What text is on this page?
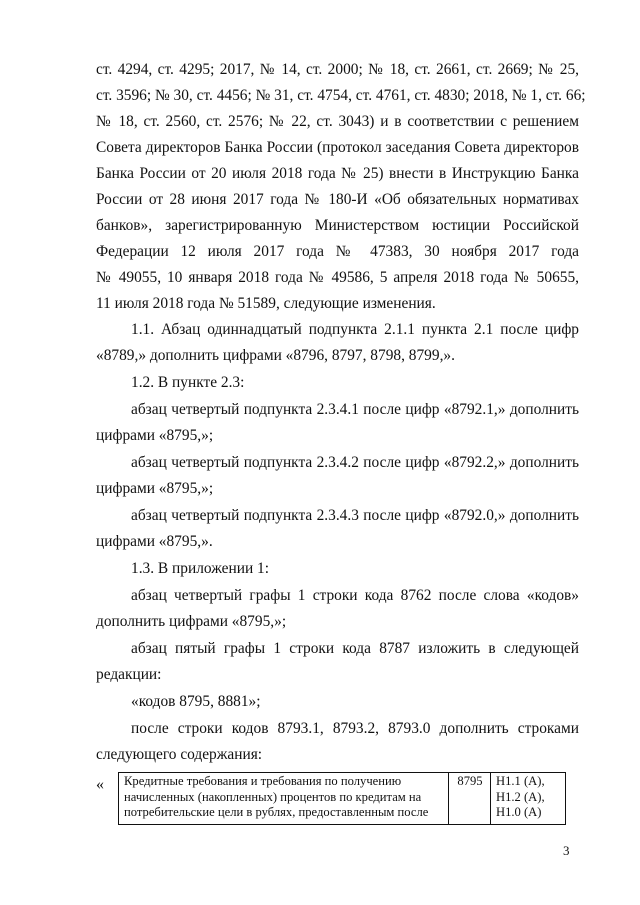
ст. 4294, ст. 4295; 2017, № 14, ст. 2000; № 18, ст. 2661, ст. 2669; № 25,
ст. 3596; № 30, ст. 4456; № 31, ст. 4754, ст. 4761, ст. 4830; 2018, № 1, ст. 66;
№ 18, ст. 2560, ст. 2576; № 22, ст. 3043) и в соответствии с решением
Совета директоров Банка России (протокол заседания Совета директоров
Банка России от 20 июля 2018 года № 25) внести в Инструкцию Банка
России от 28 июня 2017 года № 180-И «Об обязательных нормативах
банков», зарегистрированную Министерством юстиции Российской
Федерации 12 июля 2017 года № 47383, 30 ноября 2017 года
№ 49055, 10 января 2018 года № 49586, 5 апреля 2018 года № 50655,
11 июля 2018 года № 51589, следующие изменения.
1.1. Абзац одиннадцатый подпункта 2.1.1 пункта 2.1 после цифр
«8789,» дополнить цифрами «8796, 8797, 8798, 8799,».
1.2. В пункте 2.3:
абзац четвертый подпункта 2.3.4.1 после цифр «8792.1,» дополнить
цифрами «8795,»;
абзац четвертый подпункта 2.3.4.2 после цифр «8792.2,» дополнить
цифрами «8795,»;
абзац четвертый подпункта 2.3.4.3 после цифр «8792.0,» дополнить
цифрами «8795,».
1.3. В приложении 1:
абзац четвертый графы 1 строки кода 8762 после слова «кодов»
дополнить цифрами «8795,»;
абзац пятый графы 1 строки кода 8787 изложить в следующей
редакции:
«кодов 8795, 8881»;
после строки кодов 8793.1, 8793.2, 8793.0 дополнить строками
следующего содержания:
« Кредитные требования и требования по получению
начисленных (накопленных) процентов по кредитам на
потребительские цели в рублях, предоставленным после
	8795	Н1.1 (А),
Н1.2 (А),
Н1.0 (А)
3
